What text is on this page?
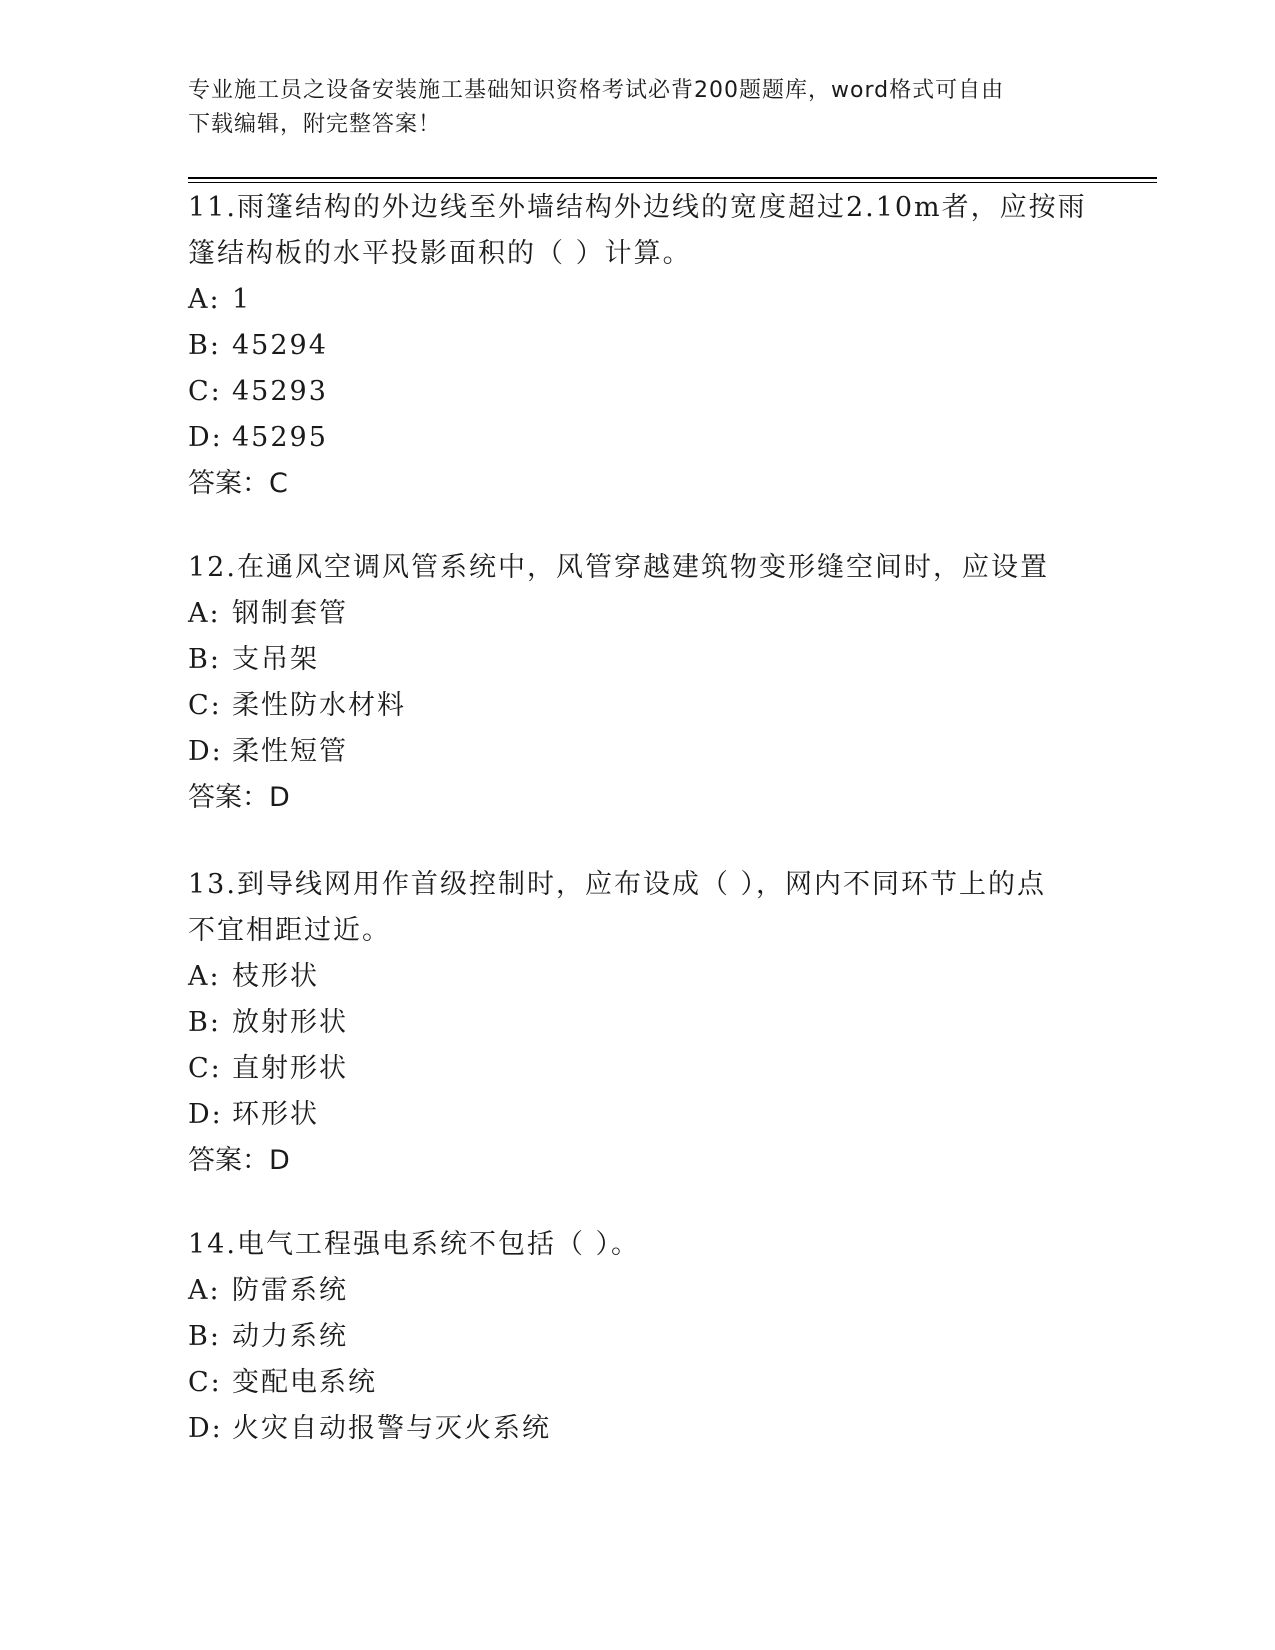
专业施工员之设备安装施工基础知识资格考试必背200题题库，word格式可自由
下载编辑，附完整答案！

11.雨篷结构的外边线至外墙结构外边线的宽度超过2.10m者，应按雨

篷结构板的水平投影面积的（ ）计算。

A: 1

B: 45294

C: 45293

D: 45295

答案：C

12.在通风空调风管系统中，风管穿越建筑物变形缝空间时，应设置

A: 钢制套管

B: 支吊架

C: 柔性防水材料

D: 柔性短管

答案：D

13.到导线网用作首级控制时，应布设成（ ），网内不同环节上的点

不宜相距过近。

A: 枝形状

B: 放射形状

C: 直射形状

D: 环形状

答案：D

14.电气工程强电系统不包括（ ）。

A: 防雷系统

B: 动力系统

C: 变配电系统

D: 火灾自动报警与灭火系统
